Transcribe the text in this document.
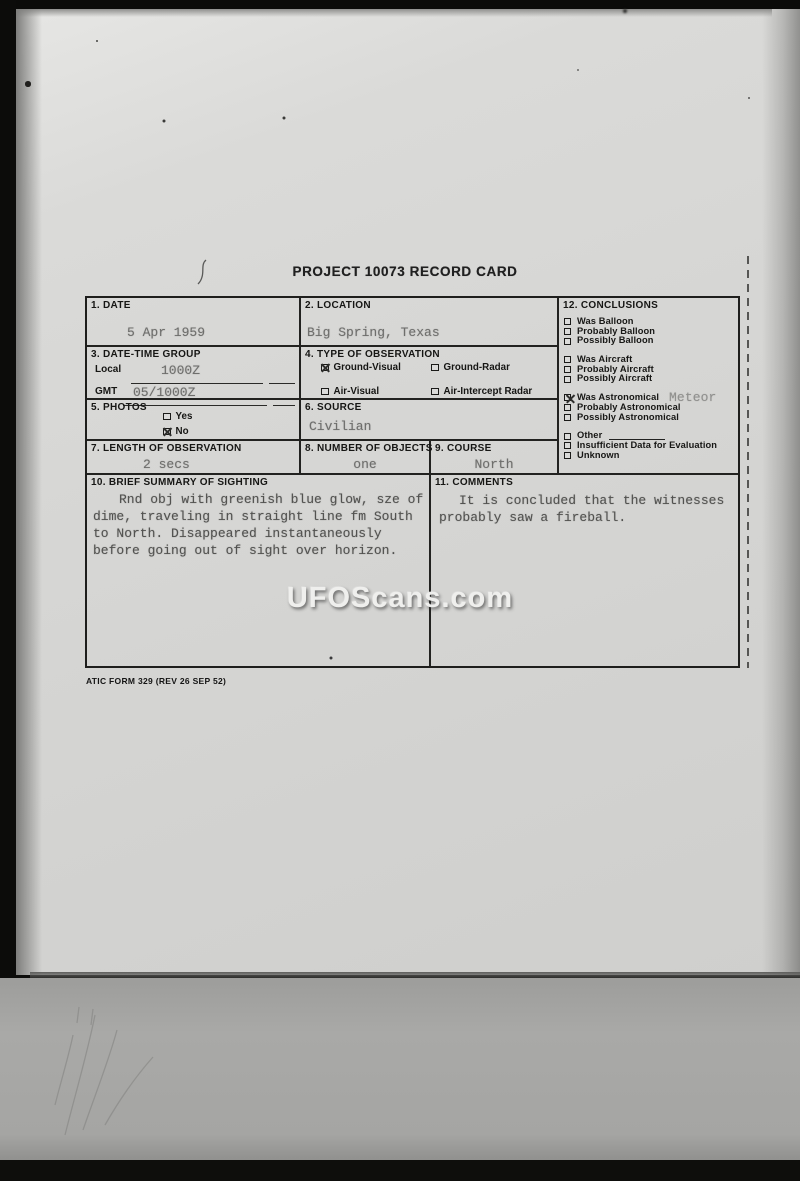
PROJECT 10073 RECORD CARD
1. DATE
5 Apr 1959
2. LOCATION
Big Spring, Texas
3. DATE-TIME GROUP
Local	1000Z
GMT 05/1000Z
4. TYPE OF OBSERVATION
Ground-Visual	Ground-Radar
Air-Visual	Air-Intercept Radar
5. PHOTOS
Yes
No
6. SOURCE
Civilian
7. LENGTH OF OBSERVATION
2 secs
8. NUMBER OF OBJECTS
one
9. COURSE
North
12. CONCLUSIONS
Was Balloon
Probably Balloon
Possibly Balloon
Was Aircraft
Probably Aircraft
Possibly Aircraft
Was Astronomical Meteor
Probably Astronomical
Possibly Astronomical
Other
Insufficient Data for Evaluation
Unknown
10. BRIEF SUMMARY OF SIGHTING
Rnd obj with greenish blue glow, sze of dime, traveling in straight line fm South to North. Disappeared instantaneously before going out of sight over horizon.
11. COMMENTS
It is concluded that the witnesses probably saw a fireball.
ATIC FORM 329 (REV 26 SEP 52)
UFOScans.com
